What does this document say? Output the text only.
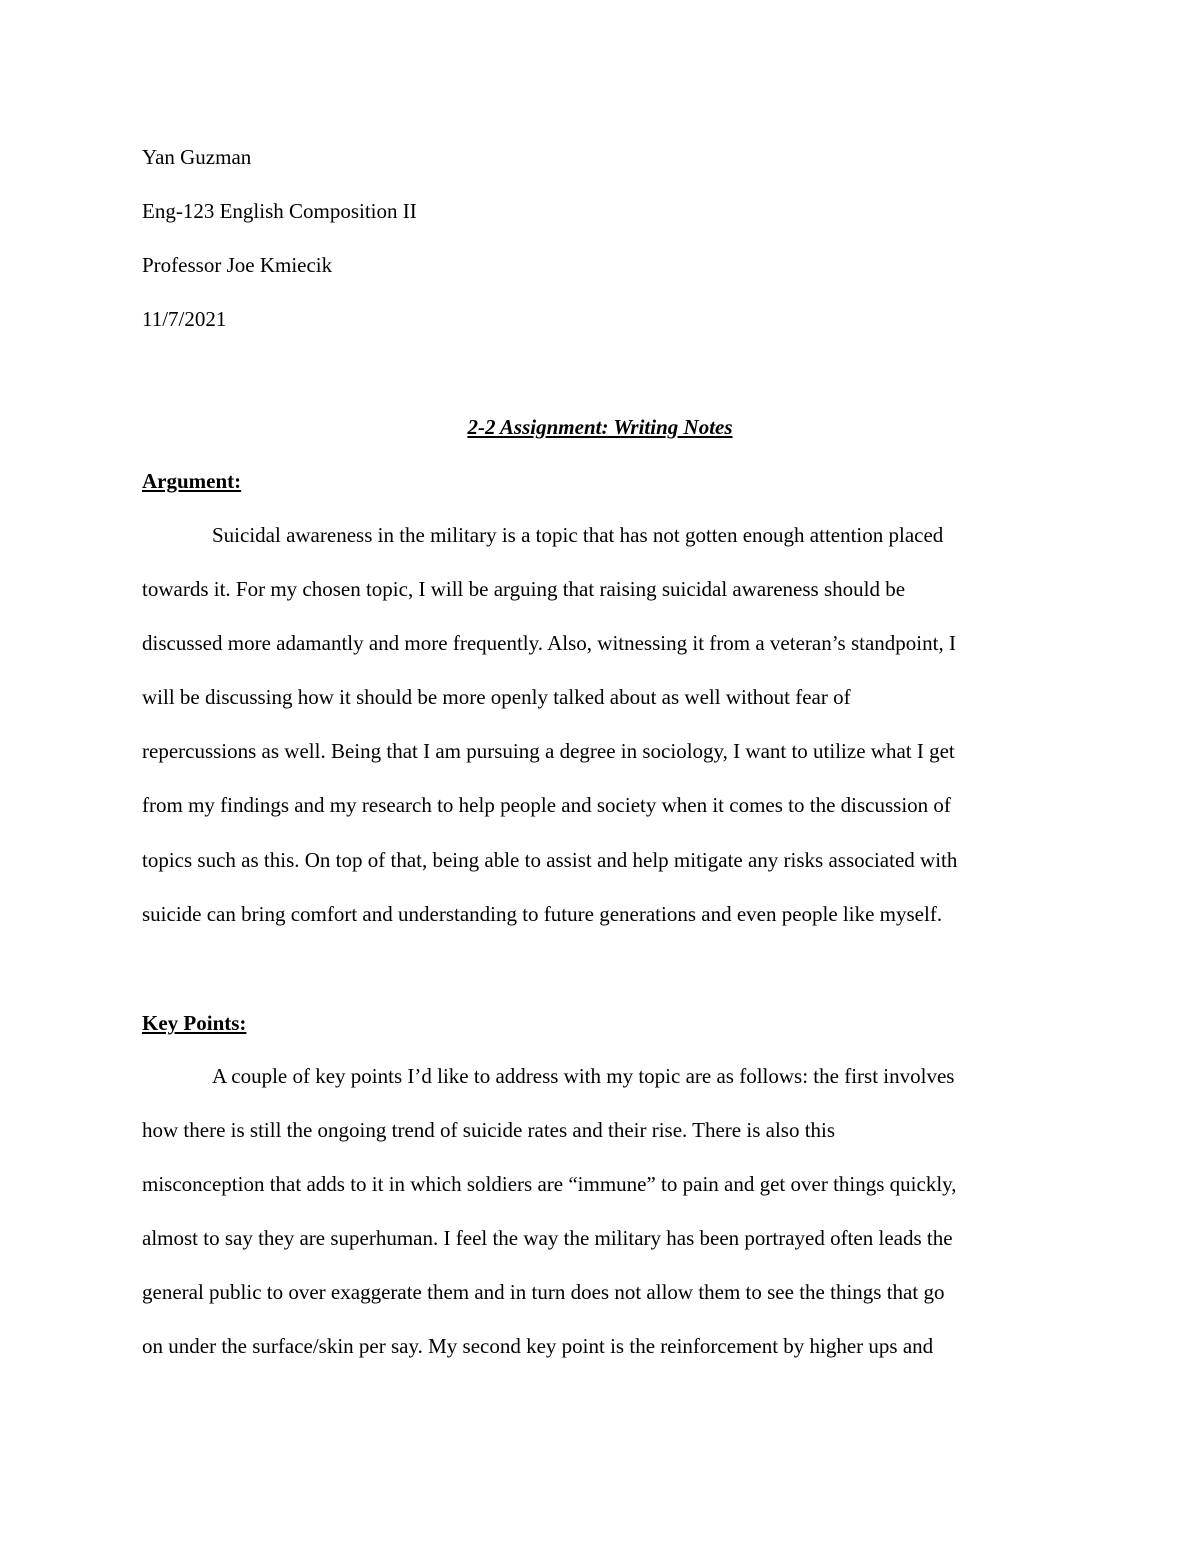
Yan Guzman
Eng-123 English Composition II
Professor Joe Kmiecik
11/7/2021
2-2 Assignment: Writing Notes
Argument:
Suicidal awareness in the military is a topic that has not gotten enough attention placed
towards it. For my chosen topic, I will be arguing that raising suicidal awareness should be
discussed more adamantly and more frequently. Also, witnessing it from a veteran’s standpoint, I
will be discussing how it should be more openly talked about as well without fear of
repercussions as well. Being that I am pursuing a degree in sociology, I want to utilize what I get
from my findings and my research to help people and society when it comes to the discussion of
topics such as this. On top of that, being able to assist and help mitigate any risks associated with
suicide can bring comfort and understanding to future generations and even people like myself.
Key Points:
A couple of key points I’d like to address with my topic are as follows: the first involves
how there is still the ongoing trend of suicide rates and their rise. There is also this
misconception that adds to it in which soldiers are “immune” to pain and get over things quickly,
almost to say they are superhuman. I feel the way the military has been portrayed often leads the
general public to over exaggerate them and in turn does not allow them to see the things that go
on under the surface/skin per say. My second key point is the reinforcement by higher ups and
